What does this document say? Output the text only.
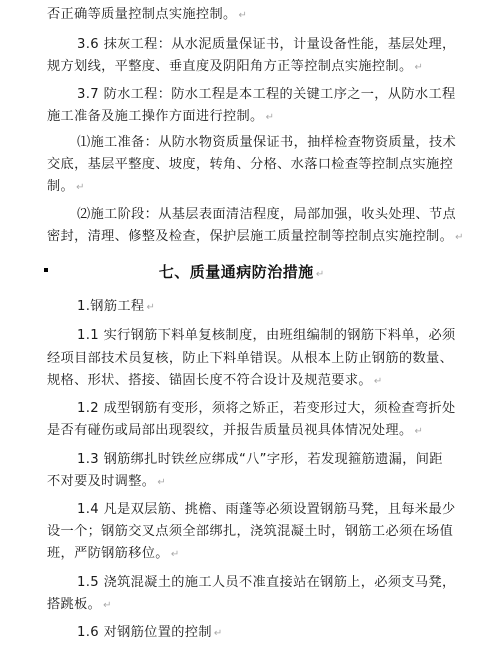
否正确等质量控制点实施控制。 ↵
3.6 抹灰工程：从水泥质量保证书，计量设备性能，基层处理，
规方划线，平整度、垂直度及阴阳角方正等控制点实施控制。 ↵
3.7 防水工程：防水工程是本工程的关键工序之一，从防水工程
施工准备及施工操作方面进行控制。 ↵
⑴施工准备：从防水物资质量保证书，抽样检查物资质量，技术
交底，基层平整度、坡度，转角、分格、水落口检查等控制点实施控
制。 ↵
⑵施工阶段：从基层表面清洁程度，局部加强，收头处理、节点
密封，清理、修整及检查，保护层施工质量控制等控制点实施控制。 ↵
七、质量通病防治措施 ↵
1.钢筋工程 ↵
1.1 实行钢筋下料单复核制度，由班组编制的钢筋下料单，必须
经项目部技术员复核，防止下料单错误。从根本上防止钢筋的数量、
规格、形状、搭接、锚固长度不符合设计及规范要求。 ↵
1.2 成型钢筋有变形，须将之矫正，若变形过大，须检查弯折处
是否有碰伤或局部出现裂纹，并报告质量员视具体情况处理。 ↵
1.3 钢筋绑扎时铁丝应绑成“八”字形，若发现箍筋遗漏，间距
不对要及时调整。 ↵
1.4 凡是双层筋、挑檐、雨蓬等必须设置钢筋马凳，且每米最少
设一个；钢筋交叉点须全部绑扎，浇筑混凝土时，钢筋工必须在场值
班，严防钢筋移位。 ↵
1.5 浇筑混凝土的施工人员不准直接站在钢筋上，必须支马凳，
搭跳板。 ↵
1.6 对钢筋位置的控制 ↵
